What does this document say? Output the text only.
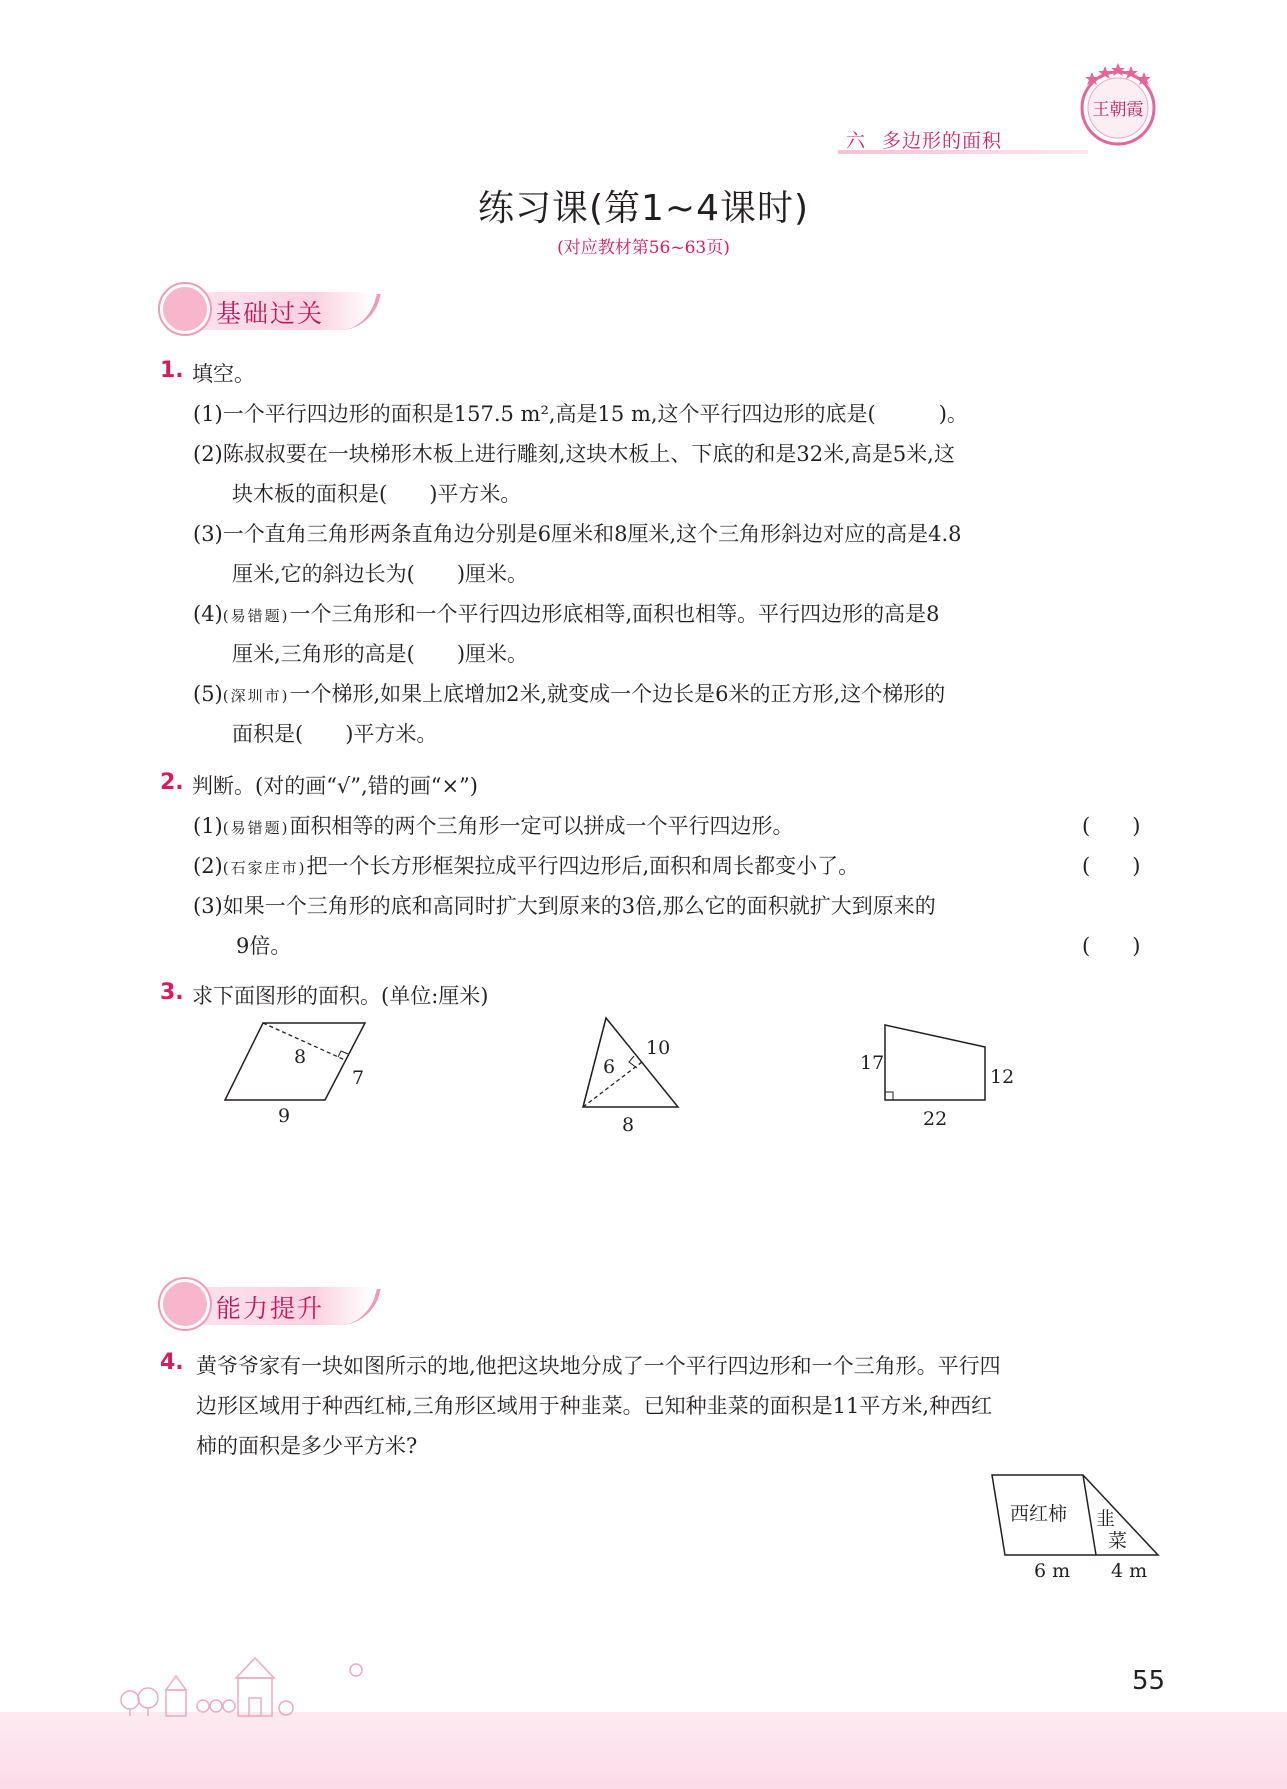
六 多边形的面积
王朝霞
练习课(第1~4课时)
(对应教材第56~63页)
基础过关
1. 填空。
(1)一个平行四边形的面积是157.5 m²,高是15 m,这个平行四边形的底是(　　　)。
(2)陈叔叔要在一块梯形木板上进行雕刻,这块木板上、下底的和是32米,高是5米,这
块木板的面积是(　　)平方米。
(3)一个直角三角形两条直角边分别是6厘米和8厘米,这个三角形斜边对应的高是4.8
厘米,它的斜边长为(　　)厘米。
(4)(易错题)一个三角形和一个平行四边形底相等,面积也相等。平行四边形的高是8
厘米,三角形的高是(　　)厘米。
(5)(深圳市)一个梯形,如果上底增加2米,就变成一个边长是6米的正方形,这个梯形的
面积是(　　)平方米。
2. 判断。(对的画“√”,错的画“×”)
(1)(易错题)面积相等的两个三角形一定可以拼成一个平行四边形。	(　　)
(2)(石家庄市)把一个长方形框架拉成平行四边形后,面积和周长都变小了。	(　　)
(3)如果一个三角形的底和高同时扩大到原来的3倍,那么它的面积就扩大到原来的
9倍。	(　　)
3. 求下面图形的面积。(单位:厘米)
8
7
9
6
10
8
17
12
22
能力提升
4. 黄爷爷家有一块如图所示的地,他把这块地分成了一个平行四边形和一个三角形。平行四
边形区域用于种西红柿,三角形区域用于种韭菜。已知种韭菜的面积是11平方米,种西红
柿的面积是多少平方米?
西红柿 韭
菜
6 m 4 m
55
